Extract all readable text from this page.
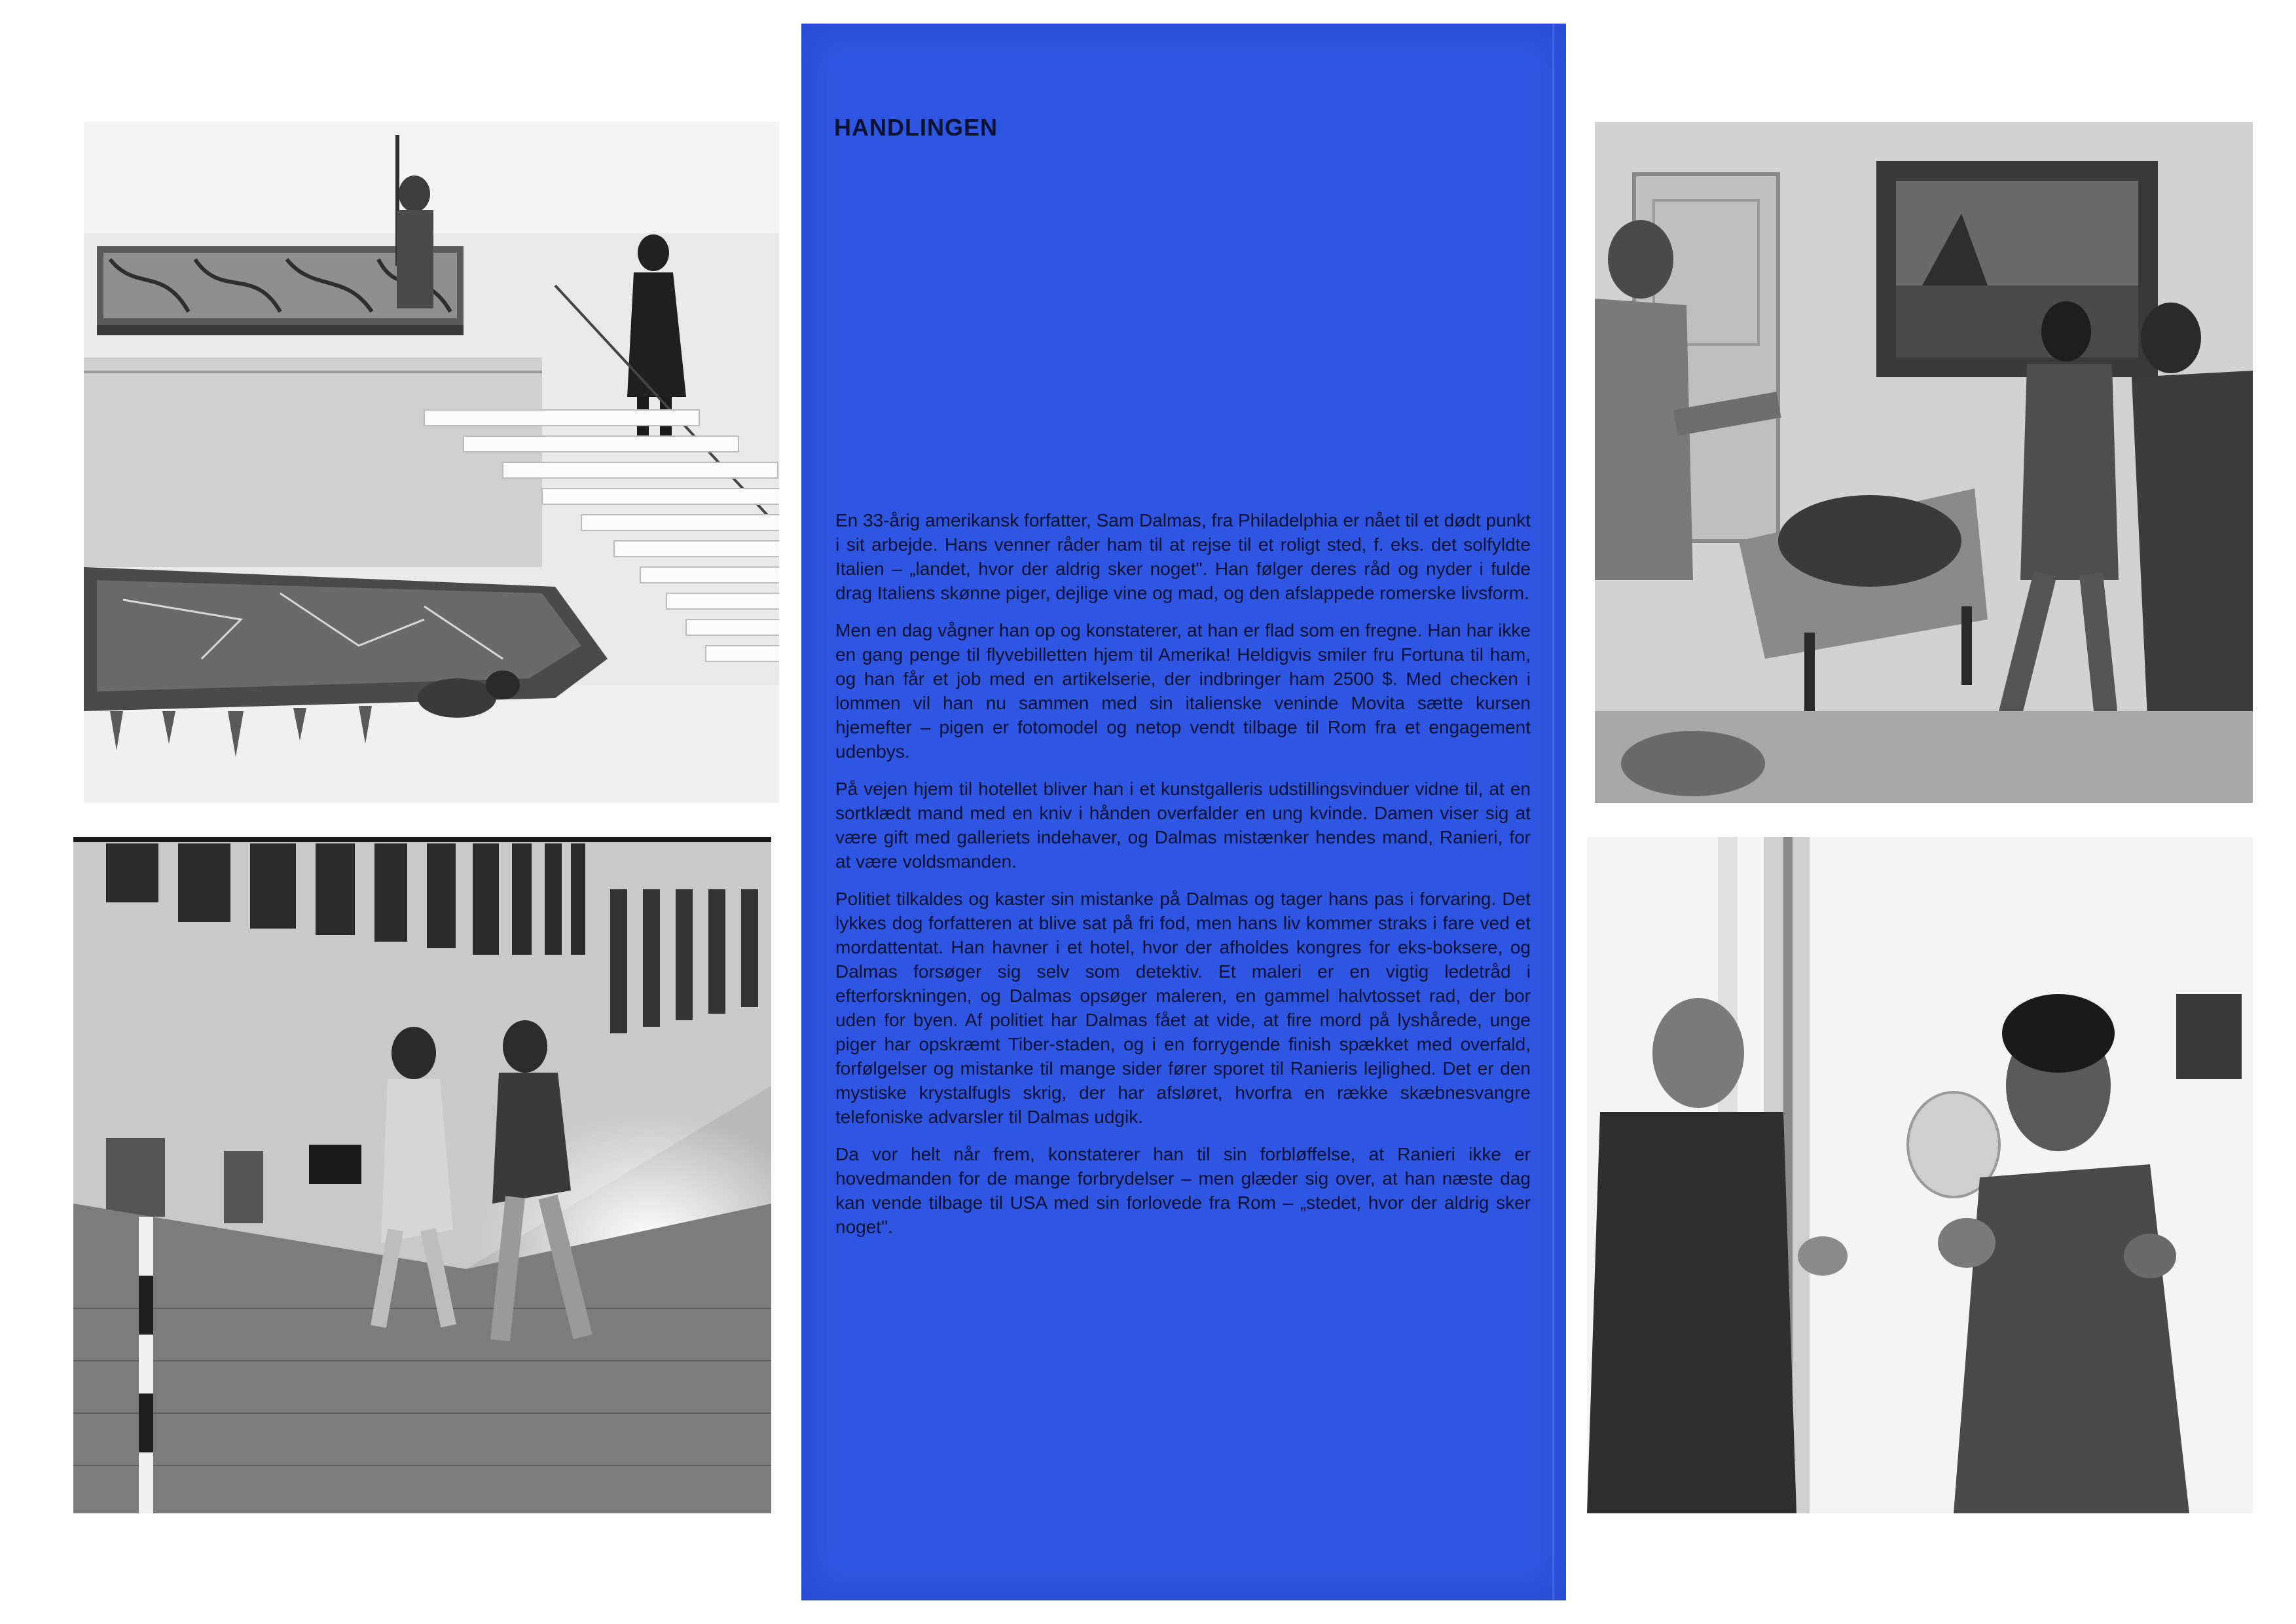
HANDLINGEN

En 33-årig amerikansk forfatter, Sam Dalmas, fra Philadelphia er nået til et dødt punkt i sit arbejde. Hans venner råder ham til at rejse til et roligt sted, f. eks. det solfyldte Italien – „landet, hvor der aldrig sker noget". Han følger deres råd og nyder i fulde drag Italiens skønne piger, dejlige vine og mad, og den afslappede romerske livsform.

Men en dag vågner han op og konstaterer, at han er flad som en fregne. Han har ikke en gang penge til flyvebilletten hjem til Amerika! Heldigvis smiler fru Fortuna til ham, og han får et job med en artikelserie, der indbringer ham 2500 $. Med checken i lommen vil han nu sammen med sin italienske veninde Movita sætte kursen hjemefter – pigen er fotomodel og netop vendt tilbage til Rom fra et engagement udenbys.

På vejen hjem til hotellet bliver han i et kunstgalleris udstillingsvinduer vidne til, at en sortklædt mand med en kniv i hånden overfalder en ung kvinde. Damen viser sig at være gift med galleriets indehaver, og Dalmas mistænker hendes mand, Ranieri, for at være voldsmanden.

Politiet tilkaldes og kaster sin mistanke på Dalmas og tager hans pas i forvaring. Det lykkes dog forfatteren at blive sat på fri fod, men hans liv kommer straks i fare ved et mordattentat. Han havner i et hotel, hvor der afholdes kongres for eks-boksere, og Dalmas forsøger sig selv som detektiv. Et maleri er en vigtig ledetråd i efterforskningen, og Dalmas opsøger maleren, en gammel halvtosset rad, der bor uden for byen. Af politiet har Dalmas fået at vide, at fire mord på lyshårede, unge piger har opskræmt Tiber-staden, og i en forrygende finish spækket med overfald, forfølgelser og mistanke til mange sider fører sporet til Ranieris lejlighed. Det er den mystiske krystalfugls skrig, der har afsløret, hvorfra en række skæbnesvangre telefoniske advarsler til Dalmas udgik.

Da vor helt når frem, konstaterer han til sin forbløffelse, at Ranieri ikke er hovedmanden for de mange forbrydelser – men glæder sig over, at han næste dag kan vende tilbage til USA med sin forlovede fra Rom – „stedet, hvor der aldrig sker noget".
